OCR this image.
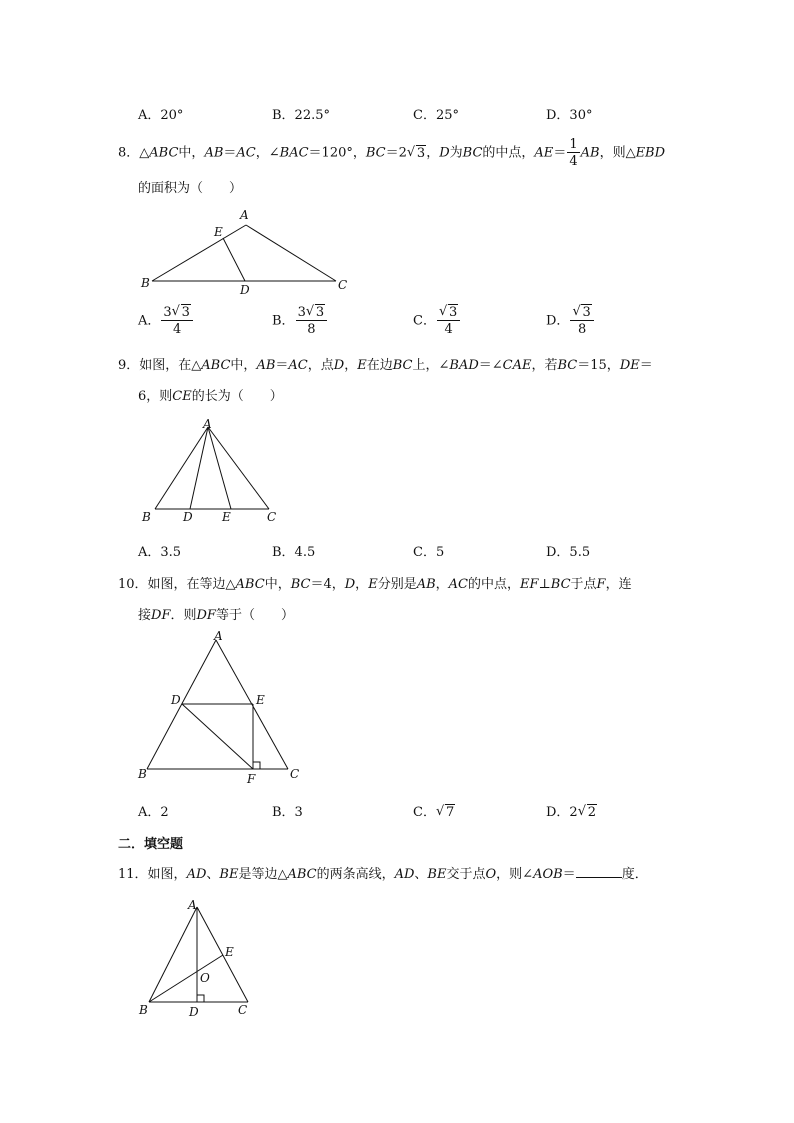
A．20°	B．22.5°	C．25°	D．30°
8．△ABC中，AB＝AC，∠BAC＝120°，BC＝2 √ 3，D为BC的中点，$AE= \frac{1}{4}$ AB，则△EBD
的面积为（　　）
A
E
B	D	C
A． $\frac{3 √ 3}{4}$	B． $\frac{3 √ 3}{8}$	C． $\frac{√ 3}{4}$	D． $\frac{√ 3}{8}$
9．如图，在△ABC中，AB＝AC，点D，E在边BC上，∠BAD＝∠CAE，若BC＝15，DE＝
6，则CE的长为（　　）
A
B	D E	C
A．3.5	B．4.5	C．5	D．5.5
10．如图，在等边△ABC中，BC＝4，D，E分别是AB，AC的中点，EF⊥BC于点F，连
接DF．则DF等于（　　）
A
D	E
B	F	C
A．2	B．3	C． √ 7	D．2 √ 2
二．填空题
11．如图，AD、BE是等边△ABC的两条高线，AD、BE交于点O，则∠AOB＝	度．
A
E
O
B	D	C
